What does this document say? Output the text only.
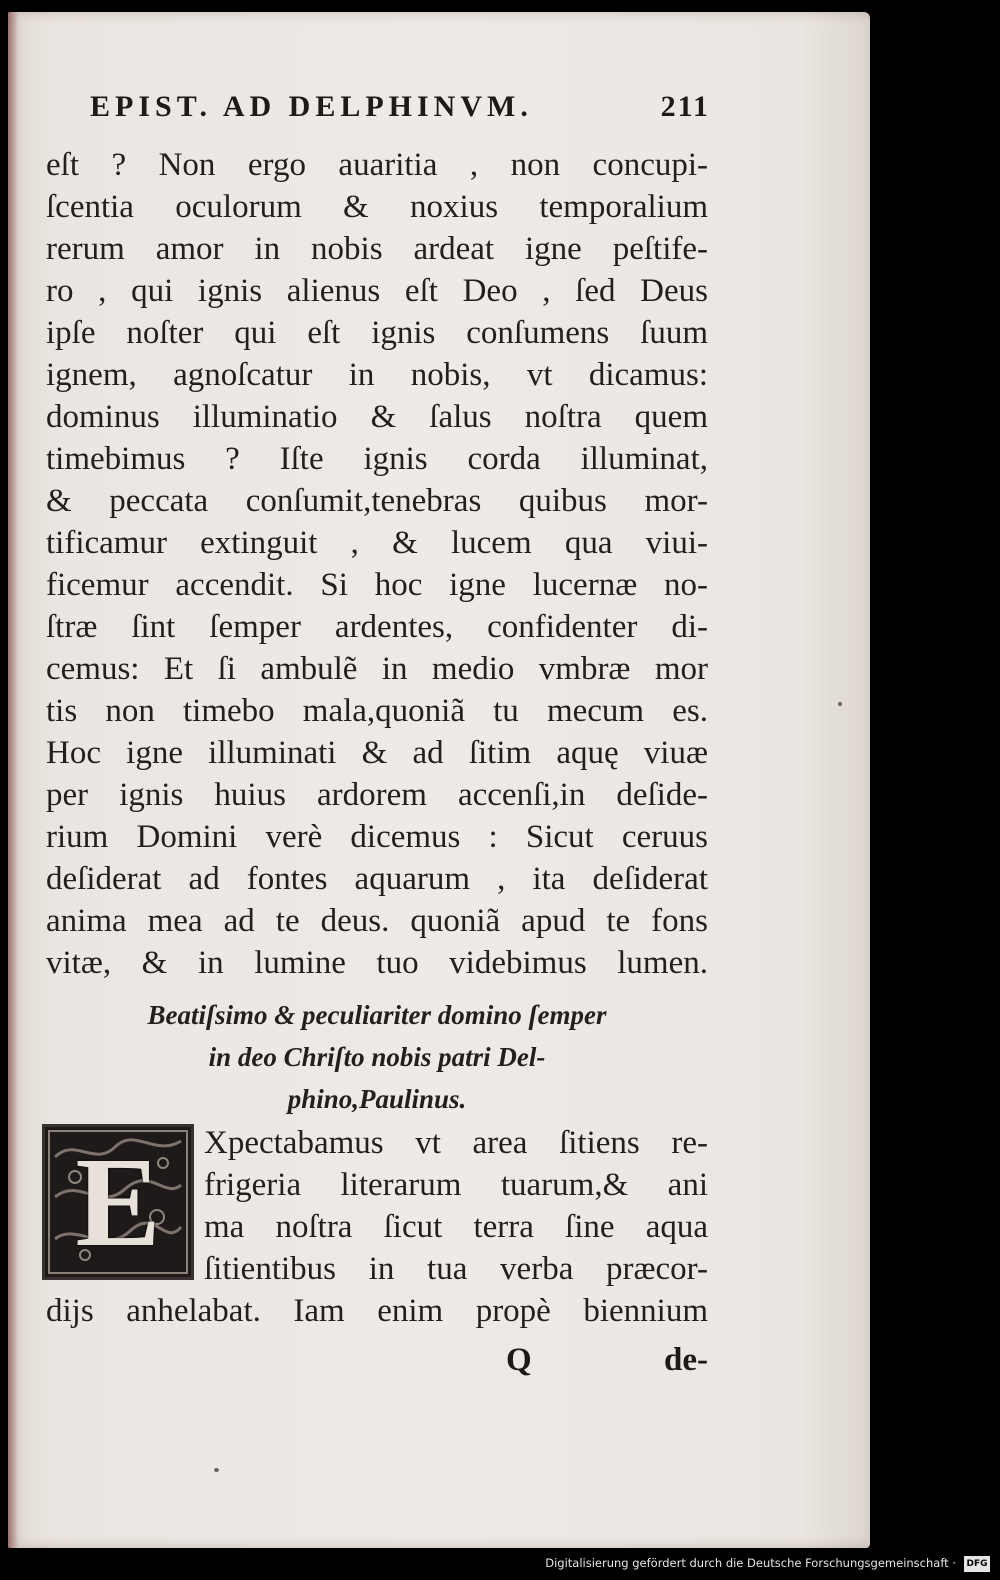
EPIST. AD DELPHINVM.	211
eſt ? Non ergo auaritia , non concupi-
ſcentia oculorum & noxius temporalium
rerum amor in nobis ardeat igne peſtife-
ro , qui ignis alienus eſt Deo , ſed Deus
ipſe noſter qui eſt ignis conſumens ſuum
ignem, agnoſcatur in nobis, vt dicamus:
dominus illuminatio & ſalus noſtra quem
timebimus ? Iſte ignis corda illuminat,
& peccata conſumit,tenebras quibus mor-
tificamur extinguit , & lucem qua viui-
ficemur accendit. Si hoc igne lucernæ no-
ſtræ ſint ſemper ardentes, confidenter di-
cemus: Et ſi ambulẽ in medio vmbræ mor
tis non timebo mala,quoniã tu mecum es.
Hoc igne illuminati & ad ſitim aquę viuæ
per ignis huius ardorem accenſi,in deſide-
rium Domini verè dicemus : Sicut ceruus
deſiderat ad fontes aquarum , ita deſiderat
anima mea ad te deus. quoniã apud te fons
vitæ, & in lumine tuo videbimus lumen.
Beatiſsimo & peculiariter domino ſemper
in deo Chriſto nobis patri Del-
phino,Paulinus.
E	Xpectabamus vt area ſitiens re-
frigeria literarum tuarum,& ani
ma noſtra ſicut terra ſine aqua
ſitientibus in tua verba præcor-
dijs anhelabat. Iam enim propè biennium
Q	de-
Digitalisierung gefördert durch die Deutsche Forschungsgemeinschaft · DFG
